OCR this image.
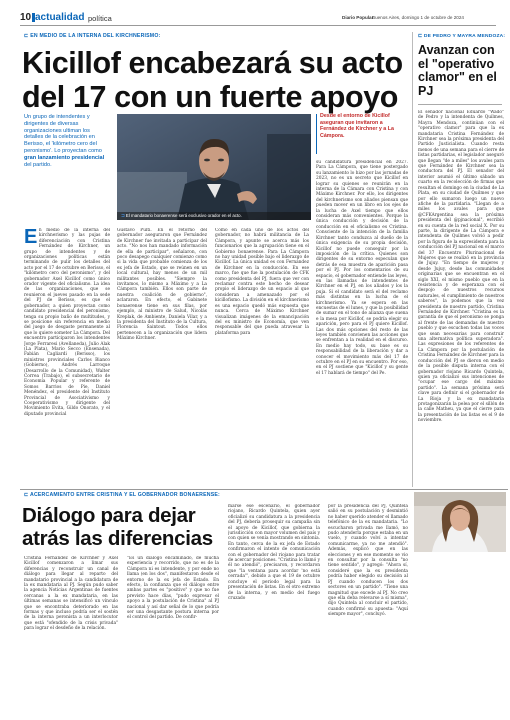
10 actualidad política	Diario Popular
Buenos Aires, domingo 1 de octubre de 2024
⊏ EN MEDIO DE LA INTERNA DEL KIRCHNERISMO:
Kicillof encabezará su acto del 17 con un fuerte apoyo
Un grupo de intendentes y dirigentes de diversas organizaciones ultiman los detalles de la celebración en Berisso, el 'kilómetro cero del peronismo'. Lo proyectan como gran lanzamiento presidencial del partido.
⊐ El mandatario bonaerense será exclusivo orador en el acto.
Desde el entorno de Kicillof aseguran que invitaron a Fernández de Kirchner y a La Cámpora.
En medio de la interna del kirchnerismo y las pujas de diferenciación con Cristina Fernández de Kirchner, un grupo de intendentes y de organizaciones políticas están terminando de pulir los detalles del acto por el 17 de octubre en Berisso, el "kilómetro cero del peronismo", y del gobernador Axel Kicillof como único orador vigente del oficialismo. La idea de las organizaciones, que se reunieron el jueves pasado en la sede del PJ de Berisso, es que el gobernador, a quien proyectan como candidato presidencial del peronismo, tenga su propio baño de multitudes, y se posicione sin referencia en medio del juego de desgaste permanente al que lo quiere someter La Cámpora. Del encuentro participaron los intendentes Jorge Ferraresi (Avellaneda), Julio Alak (La Plata), Mario Secco (Ensenada), Fabián Cagliardi (Berisso), los ministros provinciales Carlos Bianco (Gobierno), Andrés Larroque (Desarrollo de la Comunidad), Walter Correa (Trabajo), el subsecretario de Economía Popular y referente de Somos Barrios de Pie, Daniel Menéndez, el presidente del Instituto Provincial de Asociativismo y Cooperativismo y dirigente del Movimiento Evita, Gildo Onorato, y el diputado provincial
Gustavo Pulti. En el retorno del gobernador aseguraron que Fernández de Kirchner fue invitada a participar del acto. "No nos han mandado información de ella de participar", señalaron, con poco desapego cualquier comienzo como si la vida que probable comienza de los ex jefa de Estado, que se reúnen en un local cultural, hay menos de un mil militantes posibles. "Siempre la invitamos, lo mismo a Máximo y a La Cámpora también. Ellos son parte de nuestra coalición de gobierno", aclararon. En efecto, el Gabinete bonaerense tiene en sus filas, por ejemplo, al ministro de Salud, Nicolás Kreplak, de Ambiente, Daniela Vilar, y a la presidenta del Instituto de la Cultura, Florencia Saintout. Todos ellos pertenecen a la organización que lidera Máximo Kirchner.
Como en cada uno de los actos del gobernador, no habrá militancia de La Cámpora, y apunte se acerca más los funcionarios que la agrupación tiene en el Gobierno bonaerense. Para La Cámpora no hay unidad posible bajo el liderazgo de Kicillof. La única unidad es con Fernández de Kirchner en la conducción. En ese marco, fue que fue la postulación de CFK como presidenta del PJ, fuera que ver con reclamar contra este hecho de desear propio el liderazgo de un espacio al que consideran a amenazado por el kicillofismo. La división en el kirchnerismo es una espacio quedó más expuesta que nunca. Cerca de Máximo Kirchner visualizan imágenes de la emancipación del ex ministro de Economía, que ven responsable del que pueda atravesar la plataforma para
su candidatura presidencial en 2027. Para La Cámpora, que tiene postergado su lanzamiento lo hizo por las jornadas de 2023, no es un secreto que Kicillof en lograr su quienes se reunirán en la interna de la Cámara con Cristina y con Máximo Kirchner. Por ello, los dirigentes del kirchnerismo son aliados piensan que pueden mover en un libro en los ejes de la lucha de Axel tiempo que ellos consideran más convenientes. Porque la única conducción y decisión de la conducción en el oficialismo es Cristina. Consciente de la intención de la familia Kirchner tanto conduzca al dueño de la única exigencia de su propia decisión, Kicillof no puede conseguir por la imposición de la crítica. Quienes son dirigentes de su entorno especulan que detrás de esa muestra de aparición pasa por el PJ. Por los comentarios de su espacio, el gobernador entiende las leyes, en las llamadas de intendentes de Kirchner en el PJ, en los aliados y los la puja. Si el candidato será el del reclamo más distintas en la lucha de el kirchnerismo. Ya se espera en las encuestas de el lunes, y que la posibilidad de sumar en el tono de alianza que suena e la mesa por Kicillof, se podría elegir su aparición, pero para el PJ quiere Kicillof. Las dos más opciones del resto de las leyes también convienen las acciones que se enfrentan a la realidad en el discurso. En medio hay todo, su base es su responsabilidad de la liberación y dar a conocer el movimiento más del 17 de octubre en el PJ en su encuentro. Por eso, en el PJ sostiene que "Kicillof y su gente el 17 hablará de tiempo" del Pe.
⊏ DE PEDRO Y MAYRA MENDOZA:
Avanzan con el "operativo clamor" en el PJ
El senador nacional Eduardo "Wado" de Pedro y la intendenta de Quilmes, Mayra Mendoza, continúan con el "operativo clamor" para que la ex mandataria Cristina Fernández de Kirchner sea la próxima presidenta del Partido Justicialista. Cuando resta menos de una semana para el cierre de listas partidarias, el legislador aseguró que llegan "de a miles" los avales para que Fernández de Kirchner sea la conductora del PJ. El senador del interior asumió el último sábado un cuarto en la recolección de firmas que resultan el domingo en la ciudad de La Plata, en su ciudad de Quilmes y que por ello sumaron luego un nuevo afiche de la partidaria. "Llegan de a miles los avales para que @CFKArgentina sea la próxima presidenta del @pjnacional", escribió en su cuenta de la red social X. Por su parte, la dirigente de La Cámpora e intendenta de Quilmes volvió a pedir por la figura de la expresidenta para la conducción del PJ nacional en el marco del 37 Encuentro Plurinacional de Mujeres que se realizó en la provincia de Jujuy. "En tiempo de mujeres y desde Jujuy, desde las comunidades originarias que se encuentran en el siglo XXI, el mismo pueblo que en la resistencia y de esperanza con el despojo de nuestros recursos naturales, el cumplimiento de nuestros saberes", la podemos que la vez presidenta de nuestro partido, Cristina Fernández de Kirchner. "Cristina es la garantía de que el peronismo se ponga al frente de las demandas de nuestro pueblo y que escuchen todas las voces que sean necesarias para construir una alternativa política superadora". Las expresiones de los referentes de La Cámpora por la postulación de Cristina Fernández de Kirchner para la conducción del PJ se dieron en medio de la posible disputa interna con el gobernador riojano Ricardo Quintela, quien ya oficializó sus intenciones de "ocupar ese cargo del máximo partido". La semana próxima será clave para definir si el gobernador de La Rioja y la ex mandataria protagonizarán la pelea por el sillón de la calle Matheu, ya que el cierre para la presentación de las listas es el 9 de noviembre.
⊏ ACERCAMIENTO ENTRE CRISTINA Y EL GOBERNADOR BONAERENSE:
Diálogo para dejar atrás las diferencias
Cristina Fernández de Kirchner y Axel Kicillof comenzaron a limar sus diferencias y reconstruir un canal de diálogo para llegar al reparto del mandatario provincial a la candidatura de la ex mandataria al PJ. Según pudo saber la agencia Noticias Argentinas de fuentes cercanas a la ex mandataria, en las últimas semanas se intensificó un vínculo que se encontraba deteriorado en las formas y que incluso podría ser el sostén de la interna peronista a un interlocutor que está "ofendido de la crisis privada" para lograr el desdeño de la relación.
"Es un diálogo encaminado, de mucha experiencia y recorrido, que no es de la Cámpora ni es intendente, y por ende no llama (en los dos", manifestaron desde el entorno de la ex jefa de Estado. En efecto, la confianza que el diálogo entre ambas partes es "positivo" y que no fue previsto hace días, "pudo expresar el apoyo a la postulación de Cristina" al PJ nacional y así dar señal de lo que podría ser una desgastante postura interna por el control del partido. De confir-
marse ese escenario, el gobernador riojano, Ricardo Quintela, quien ayer oficializó su candidatura a la presidencia del PJ, debería prosequir su campaña sin el apoyo de Kicillof, que gobierna la jurisdicción con mayor volumen del país y con quien se venía mostrando en sintonía. En tanto, cerca de la ex jefa de Estado confirmaron el intento de comunicación con el gobernador del riojano para tratar de acercar posiciones. "Cristina lo llamó y él no atendió", precisaron, y recordaron que "la ventana para acordar 'no está cerrada'", debido a que el 19 de octubre concluye el periodo legal para la presentación de listas. En el otro extremo de la interna, y en medio del fuego cruzado
por la presidencia del PJ, Quintela salió en su postulación y desmintió no haber querido atender el llamado telefónico de la ex mandataria. "Lo escucharon privada me llamó, no pudo atenderla porque estaba en un vuelo, y cuando volví a intentar comunicarme, ya no me atendió". Además, explicó que en las elecciones y en ese momento se vio en consultar por la consulta "no tiene sentido", y agregó: "Ahora sí, consideré que la ex presidenta podría haber elegido su decisión al PJ cuando conducen los dos sectores en un partido". "Tiene una magnitud que excede al PJ. No creo que ella deba relevarse a sí misma", dijo Quintela al concluir el partido, cuando confirmó su apuesta: "Aquí siempre mayor", concluyó.
